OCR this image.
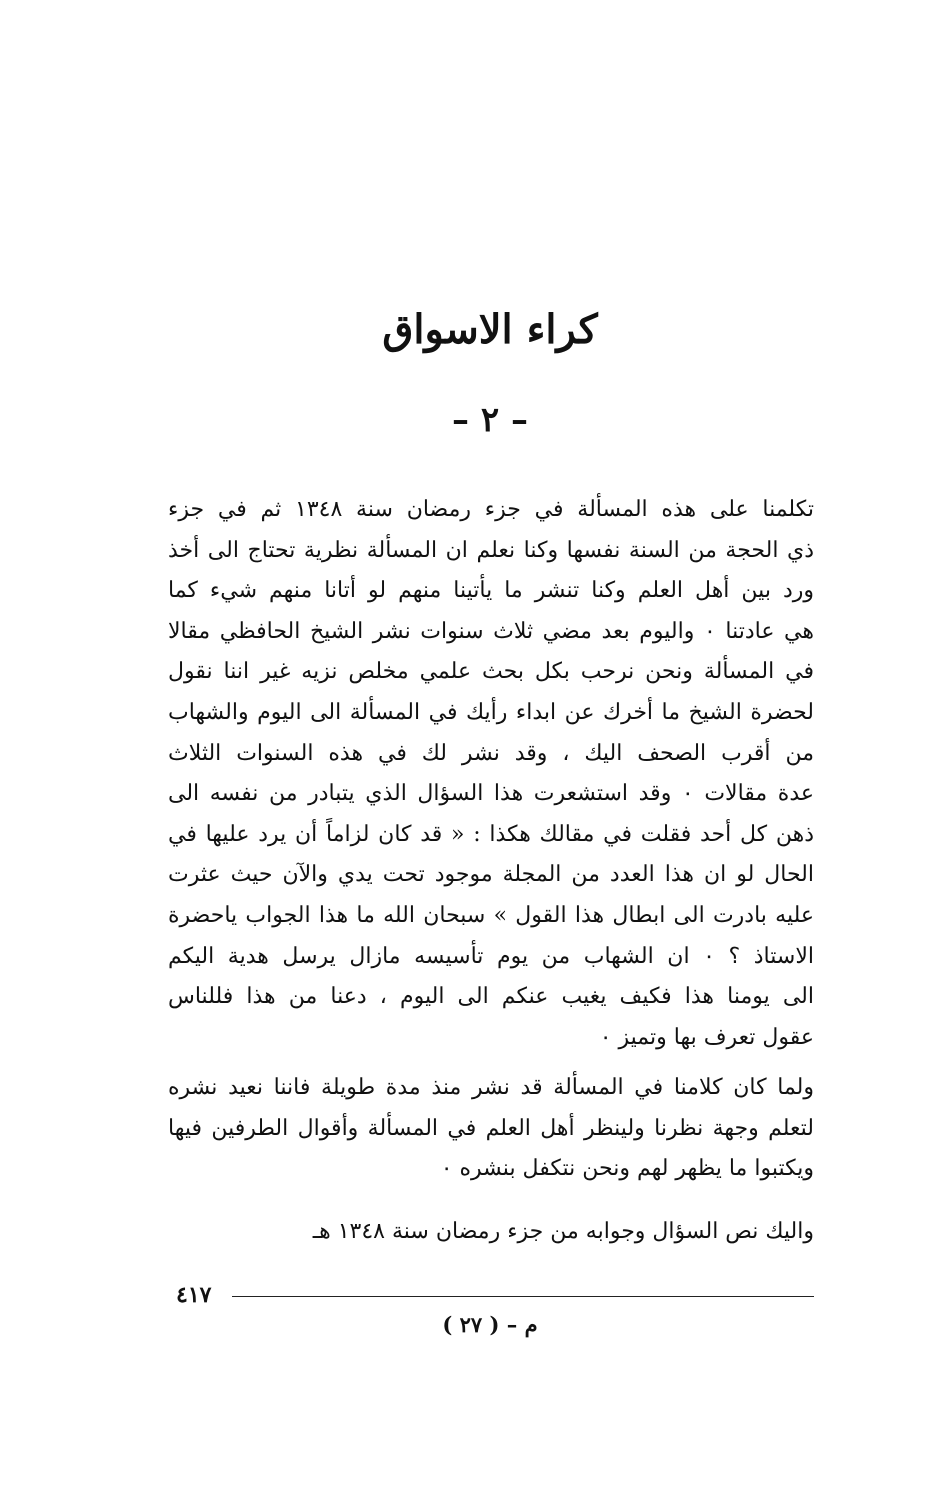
كراء الاسواق
– ٢ –

تكلمنا على هذه المسألة في جزء رمضان سنة ١٣٤٨ ثم في جزء
ذي الحجة من السنة نفسها وكنا نعلم ان المسألة نظرية تحتاج الى أخذ
ورد بين أهل العلم وكنا تنشر ما يأتينا منهم لو أتانا منهم شيء كما
هي عادتنا ٠ واليوم بعد مضي ثلاث سنوات نشر الشيخ الحافظي مقالا
في المسألة ونحن نرحب بكل بحث علمي مخلص نزيه غير اننا نقول
لحضرة الشيخ ما أخرك عن ابداء رأيك في المسألة الى اليوم والشهاب
من أقرب الصحف اليك ، وقد نشر لك في هذه السنوات الثلاث
عدة مقالات ٠ وقد استشعرت هذا السؤال الذي يتبادر من نفسه الى
ذهن كل أحد فقلت في مقالك هكذا : « قد كان لزاماً أن يرد عليها في
الحال لو ان هذا العدد من المجلة موجود تحت يدي والآن حيث عثرت
عليه بادرت الى ابطال هذا القول » سبحان الله ما هذا الجواب ياحضرة
الاستاذ ؟ ٠ ان الشهاب من يوم تأسيسه مازال يرسل هدية اليكم
الى يومنا هذا فكيف يغيب عنكم الى اليوم ، دعنا من هذا فللناس
عقول تعرف بها وتميز ٠

ولما كان كلامنا في المسألة قد نشر منذ مدة طويلة فاننا نعيد نشره
لتعلم وجهة نظرنا ولينظر أهل العلم في المسألة وأقوال الطرفين فيها
ويكتبوا ما يظهر لهم ونحن نتكفل بنشره ٠

واليك نص السؤال وجوابه من جزء رمضان سنة ١٣٤٨ هـ

٤١٧
م – ( ٢٧ )
